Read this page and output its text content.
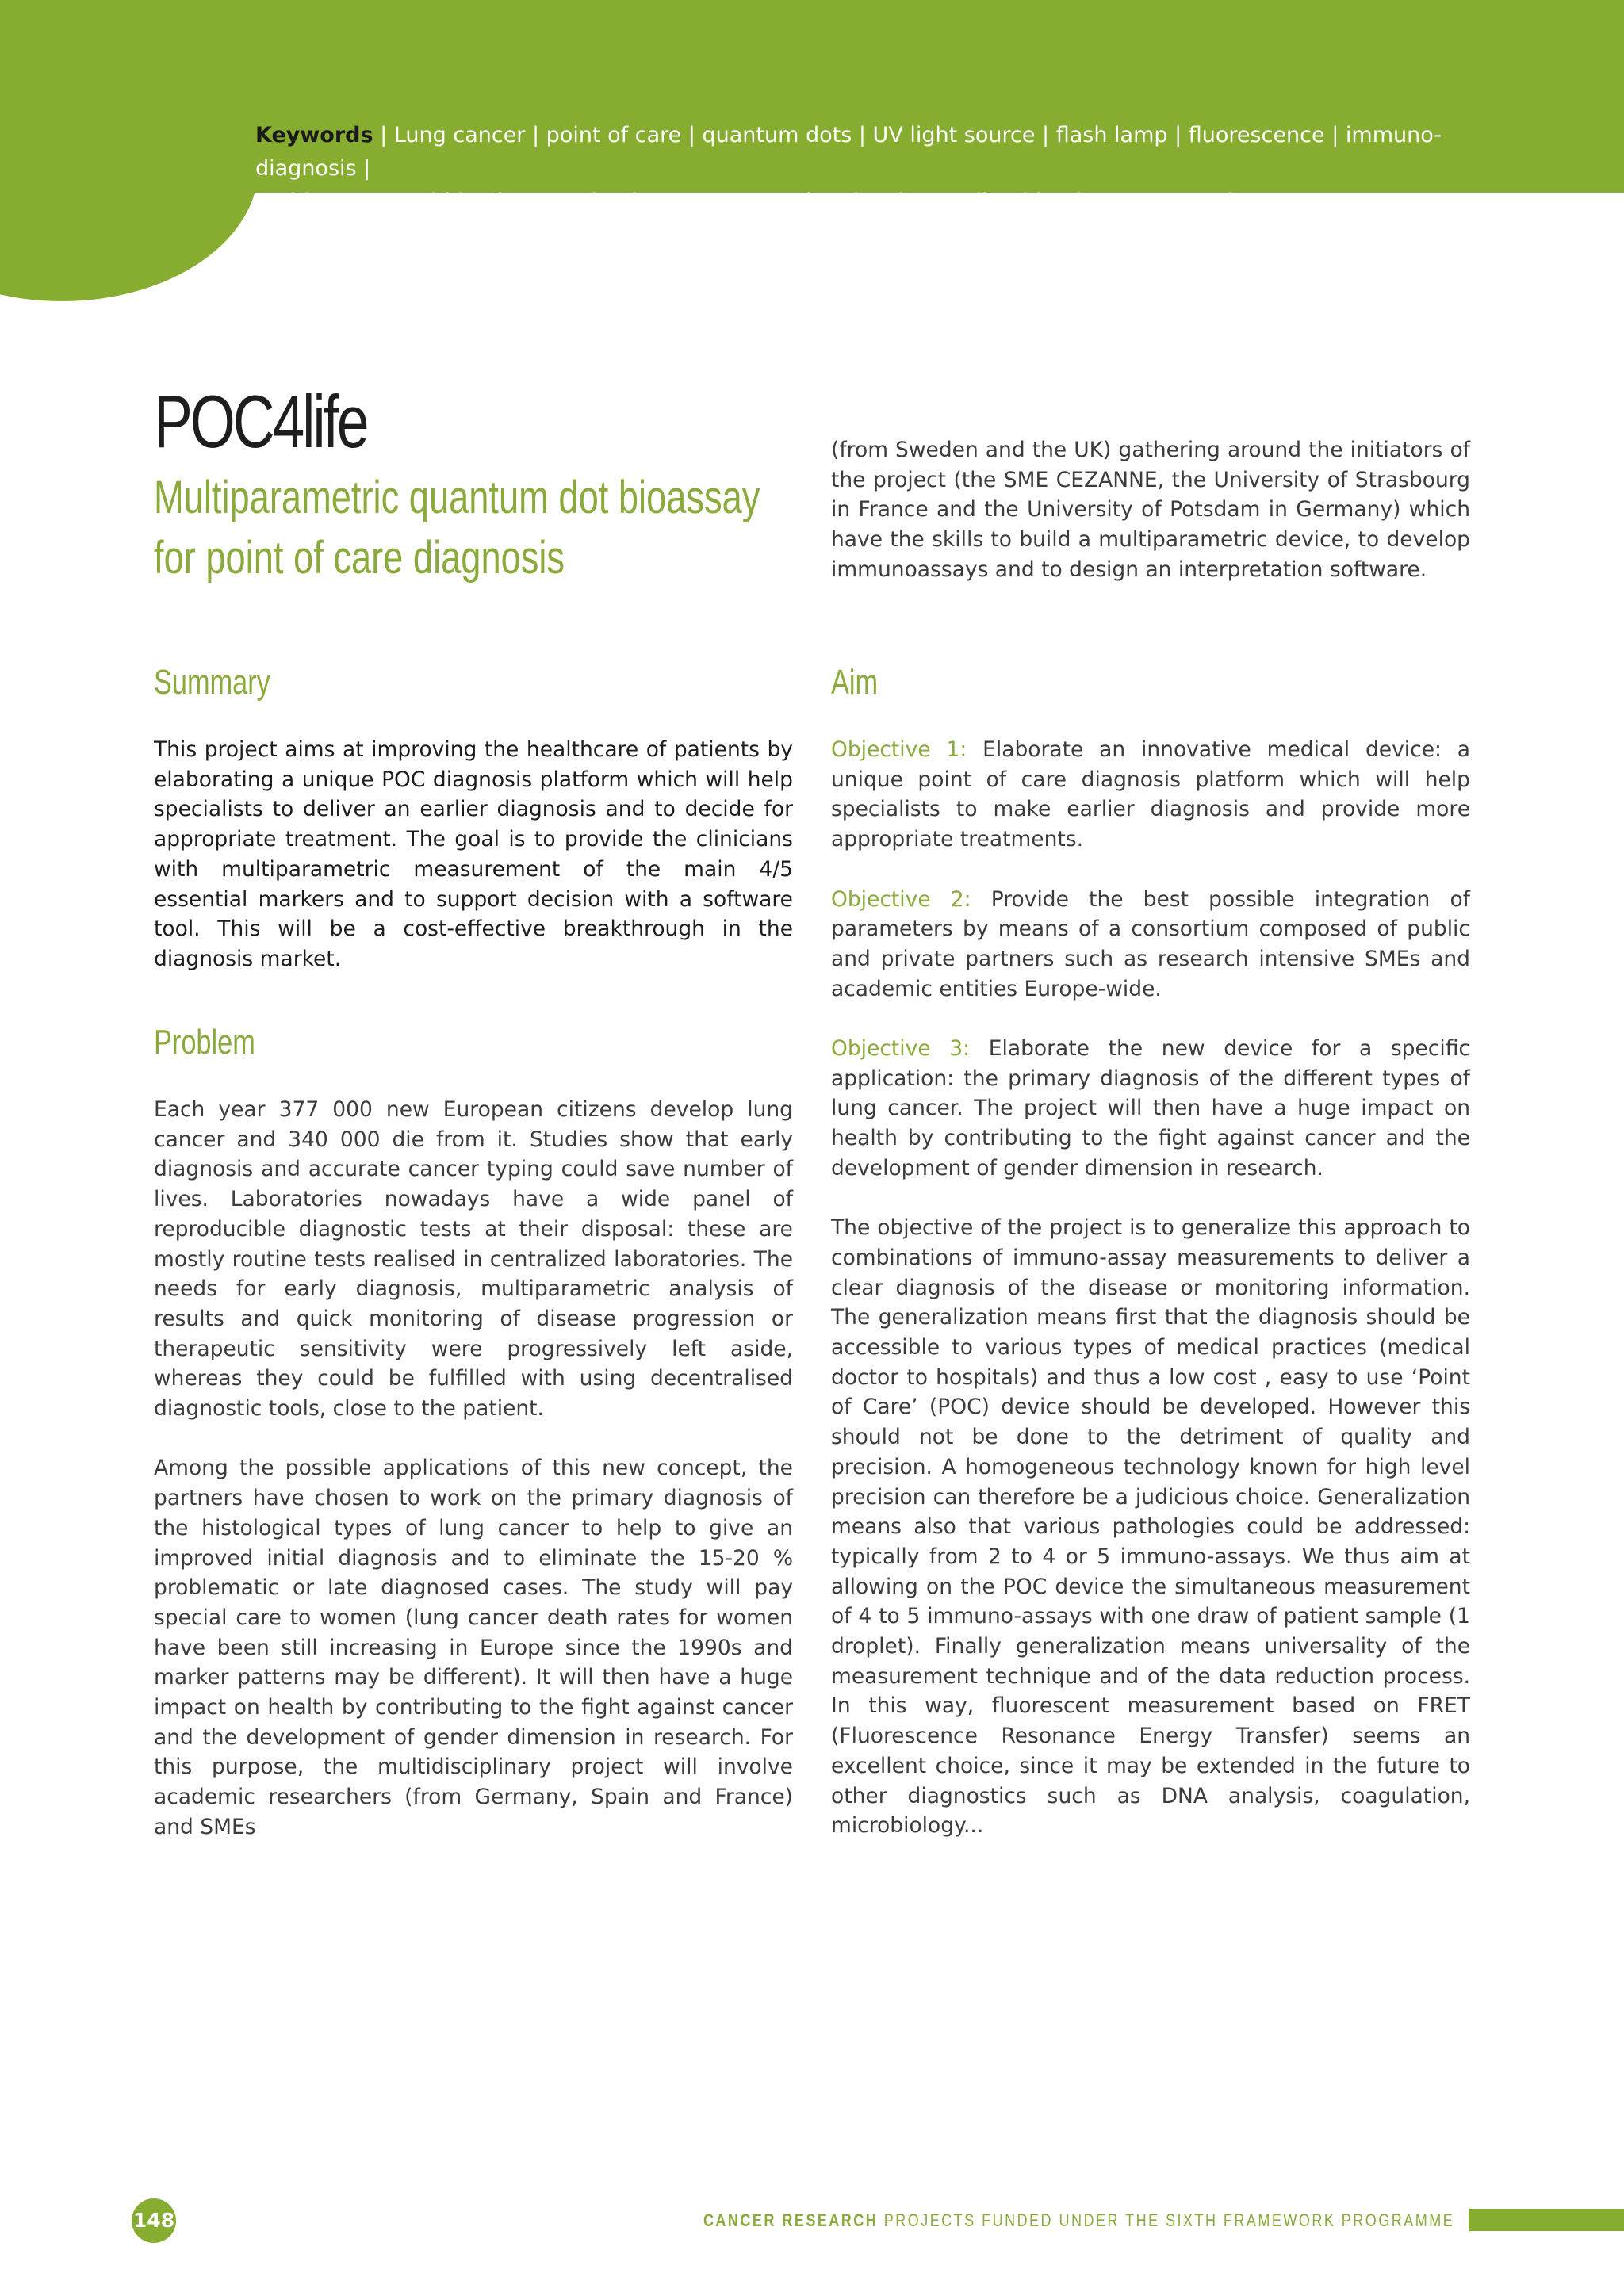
Keywords | Lung cancer | point of care | quantum dots | UV light source | flash lamp | fluorescence | immuno-diagnosis |
multiparameter | blood separation | expert system | molecule coupling | luminescent tags |
POC4life
Multiparametric quantum dot bioassay for point of care diagnosis
Summary

This project aims at improving the healthcare of patients by elaborating a unique POC diagnosis platform which will help specialists to deliver an earlier diagnosis and to decide for appropriate treatment. The goal is to provide the clinicians with multiparametric measurement of the main 4/5 essential markers and to support decision with a software tool. This will be a cost-effective breakthrough in the diagnosis market.

Problem

Each year 377 000 new European citizens develop lung cancer and 340 000 die from it. Studies show that early diagnosis and accurate cancer typing could save number of lives. Laboratories nowadays have a wide panel of reproducible diagnostic tests at their disposal: these are mostly routine tests realised in centralized laboratories. The needs for early diagnosis, multiparametric analysis of results and quick monitoring of disease progression or therapeutic sensitivity were progressively left aside, whereas they could be fulfilled with using decentralised diagnostic tools, close to the patient.

Among the possible applications of this new concept, the partners have chosen to work on the primary diagnosis of the histological types of lung cancer to help to give an improved initial diagnosis and to eliminate the 15-20 % problematic or late diagnosed cases. The study will pay special care to women (lung cancer death rates for women have been still increasing in Europe since the 1990s and marker patterns may be different). It will then have a huge impact on health by contributing to the fight against cancer and the development of gender dimension in research. For this purpose, the multidisciplinary project will involve academic researchers (from Germany, Spain and France) and SMEs

(from Sweden and the UK) gathering around the initiators of the project (the SME CEZANNE, the University of Strasbourg in France and the University of Potsdam in Germany) which have the skills to build a multiparametric device, to develop immunoassays and to design an interpretation software.

Aim

Objective 1: Elaborate an innovative medical device: a unique point of care diagnosis platform which will help specialists to make earlier diagnosis and provide more appropriate treatments.

Objective 2: Provide the best possible integration of parameters by means of a consortium composed of public and private partners such as research intensive SMEs and academic entities Europe-wide.

Objective 3: Elaborate the new device for a specific application: the primary diagnosis of the different types of lung cancer. The project will then have a huge impact on health by contributing to the fight against cancer and the development of gender dimension in research.

The objective of the project is to generalize this approach to combinations of immuno-assay measurements to deliver a clear diagnosis of the disease or monitoring information. The generalization means first that the diagnosis should be accessible to various types of medical practices (medical doctor to hospitals) and thus a low cost , easy to use ‘Point of Care’ (POC) device should be developed. However this should not be done to the detriment of quality and precision. A homogeneous technology known for high level precision can therefore be a judicious choice. Generalization means also that various pathologies could be addressed: typically from 2 to 4 or 5 immuno-assays. We thus aim at allowing on the POC device the simultaneous measurement of 4 to 5 immuno-assays with one draw of patient sample (1 droplet). Finally generalization means universality of the measurement technique and of the data reduction process. In this way, fluorescent measurement based on FRET (Fluorescence Resonance Energy Transfer) seems an excellent choice, since it may be extended in the future to other diagnostics such as DNA analysis, coagulation, microbiology...

148	CANCER RESEARCH PROJECTS FUNDED UNDER THE SIXTH FRAMEWORK PROGRAMME
